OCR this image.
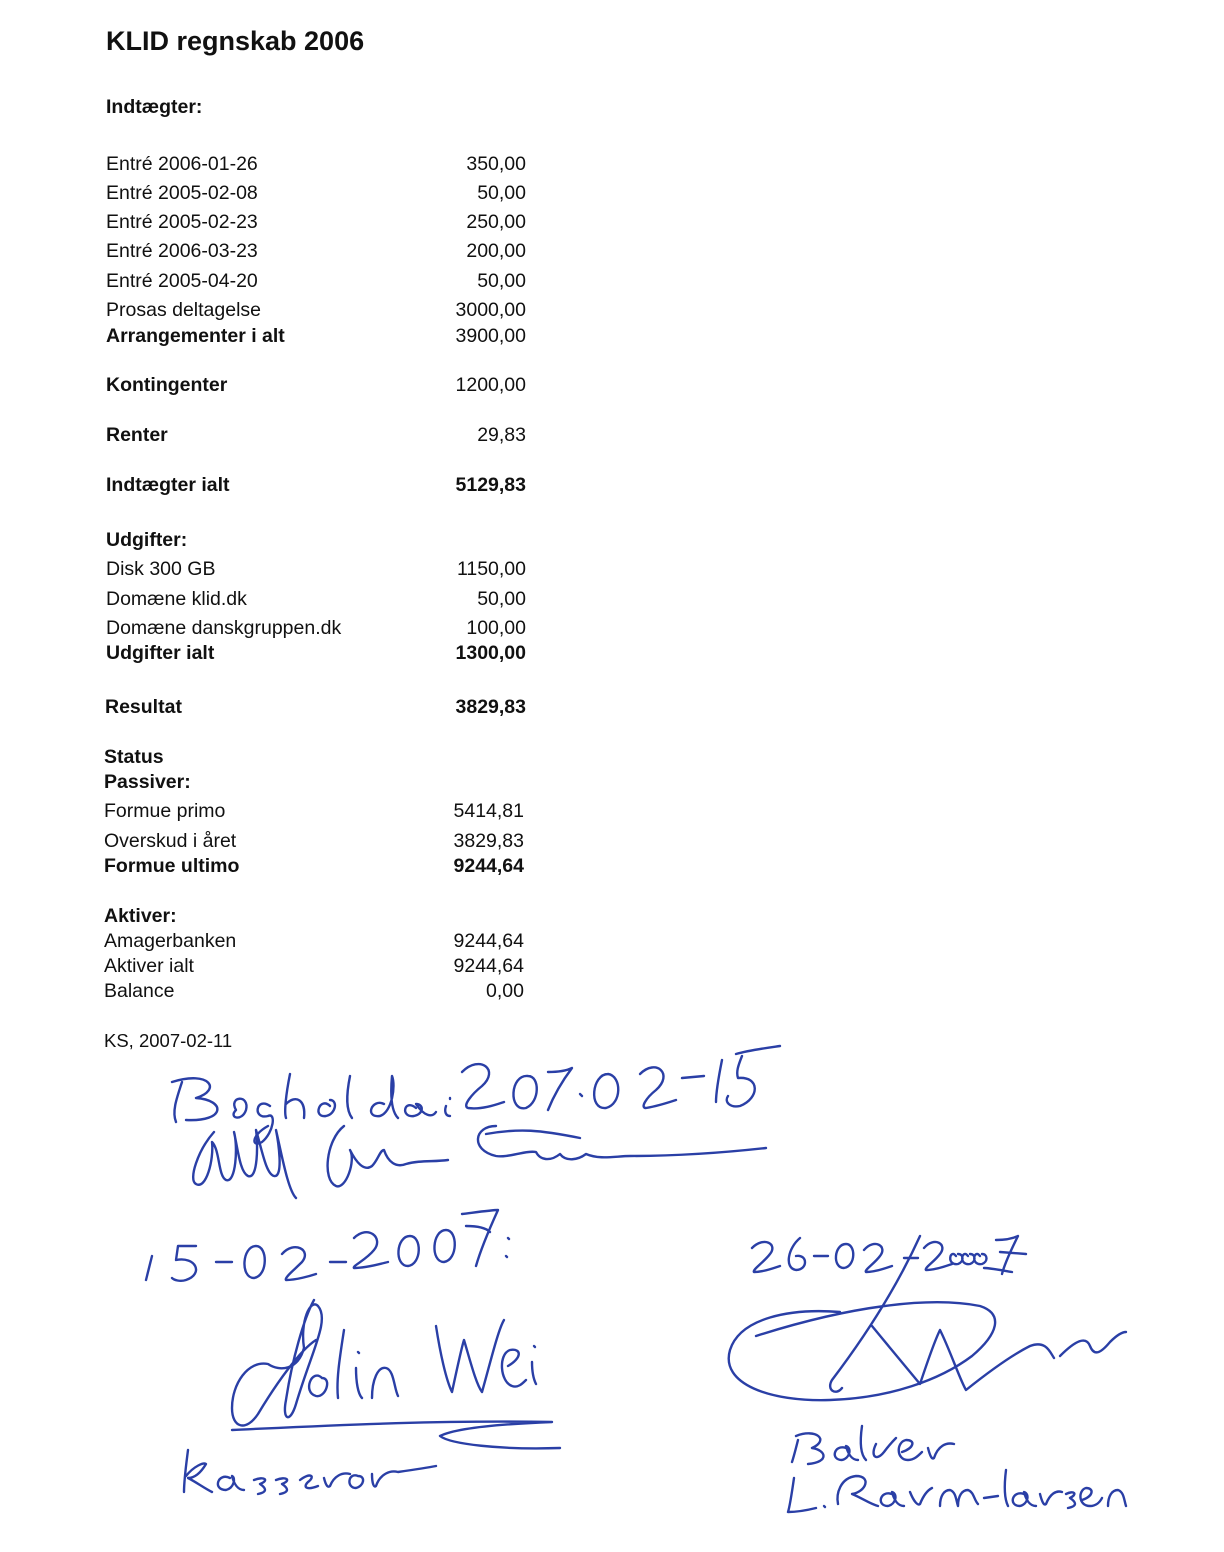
KLID regnskab 2006
Indtægter:
Entré 2006-01-26	350,00
Entré 2005-02-08	50,00
Entré 2005-02-23	250,00
Entré 2006-03-23	200,00
Entré 2005-04-20	50,00
Prosas deltagelse	3000,00
Arrangementer i alt	3900,00
Kontingenter	1200,00
Renter	29,83
Indtægter ialt	5129,83
Udgifter:
Disk 300 GB	1150,00
Domæne klid.dk	50,00
Domæne danskgruppen.dk	100,00
Udgifter ialt	1300,00
Resultat	3829,83
Status
Passiver:
Formue primo	5414,81
Overskud i året	3829,83
Formue ultimo	9244,64
Aktiver:
Amagerbanken	9244,64
Aktiver ialt	9244,64
Balance	0,00
KS, 2007-02-11
